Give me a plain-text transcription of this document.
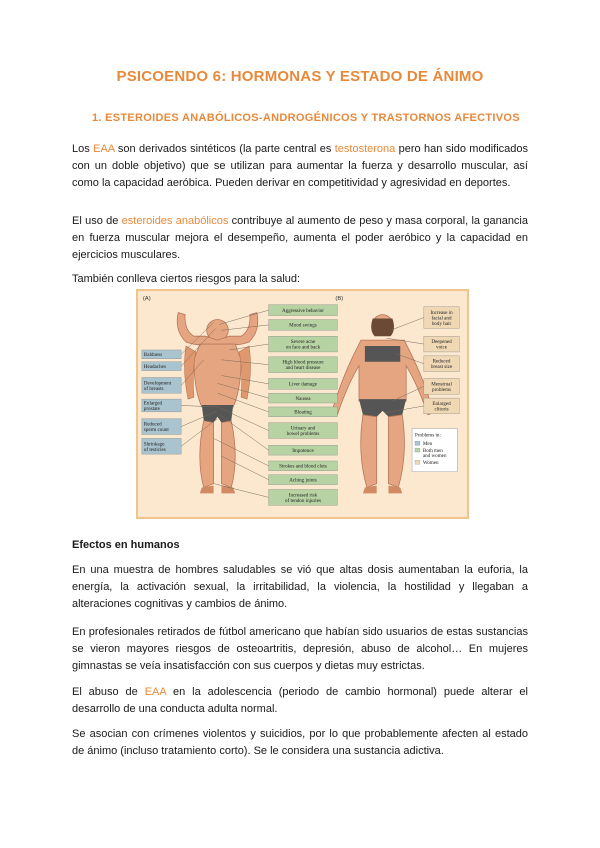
PSICOENDO 6: HORMONAS Y ESTADO DE ÁNIMO
1. ESTEROIDES ANABÓLICOS-ANDROGÉNICOS Y TRASTORNOS AFECTIVOS
Los EAA son derivados sintéticos (la parte central es testosterona pero han sido modificados con un doble objetivo) que se utilizan para aumentar la fuerza y desarrollo muscular, así como la capacidad aeróbica. Pueden derivar en competitividad y agresividad en deportes.
El uso de esteroides anabólicos contribuye al aumento de peso y masa corporal, la ganancia en fuerza muscular mejora el desempeño, aumenta el poder aeróbico y la capacidad en ejercicios musculares.
También conlleva ciertos riesgos para la salud:
Baldness
Headaches
Development
of breasts
Enlarged
prostate
Reduced
sperm count
Shrinkage
of testicles
Aggressive behavior
Mood swings
Severe acne
on face and back
High blood pressure
and heart disease
Liver damage
Nausea
Bloating
Urinary and
bowel problems
Impotence
Strokes and blood clots
Aching joints
Increased risk
of tendon injuries
Increase in
facial and
body hair
Deepened
voice
Reduced
breast size
Menstrual
problems
Enlarged
clitoris
Problems in:
Men
Both men
and women
Women
(A)	(B)
Efectos en humanos
En una muestra de hombres saludables se vió que altas dosis aumentaban la euforia, la energía, la activación sexual, la irritabilidad, la violencia, la hostilidad y llegaban a alteraciones cognitivas y cambios de ánimo.
En profesionales retirados de fútbol americano que habían sido usuarios de estas sustancias se vieron mayores riesgos de osteoartritis, depresión, abuso de alcohol… En mujeres gimnastas se veía insatisfacción con sus cuerpos y dietas muy estrictas.
El abuso de EAA en la adolescencia (periodo de cambio hormonal) puede alterar el desarrollo de una conducta adulta normal.
Se asocian con crímenes violentos y suicidios, por lo que probablemente afecten al estado de ánimo (incluso tratamiento corto). Se le considera una sustancia adictiva.
